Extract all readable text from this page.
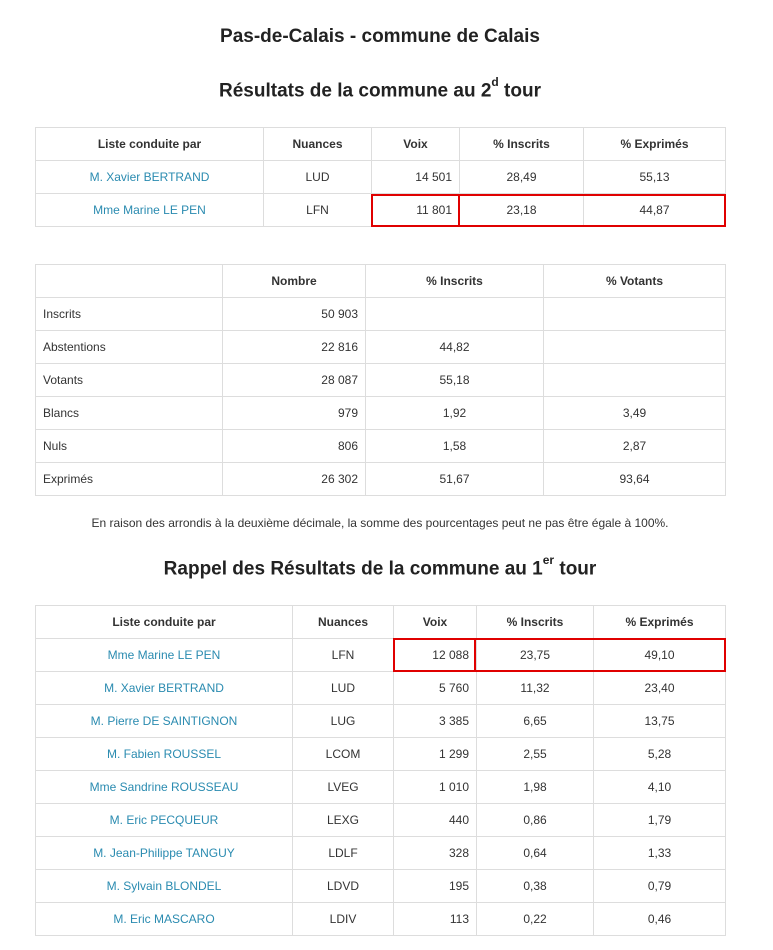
Pas-de-Calais - commune de Calais
Résultats de la commune au 2$^d$ tour
Liste conduite par	Nuances	Voix	% Inscrits	% Exprimés
M. Xavier BERTRAND	LUD	14 501	28,49	55,13
Mme Marine LE PEN	LFN	11 801	23,18	44,87
	Nombre	% Inscrits	% Votants
Inscrits	50 903		
Abstentions	22 816	44,82	
Votants	28 087	55,18	
Blancs	979	1,92	3,49
Nuls	806	1,58	2,87
Exprimés	26 302	51,67	93,64
En raison des arrondis à la deuxième décimale, la somme des pourcentages peut ne pas être égale à 100%.
Rappel des Résultats de la commune au 1er tour
Liste conduite par	Nuances	Voix	% Inscrits	% Exprimés
Mme Marine LE PEN	LFN	12 088	23,75	49,10
M. Xavier BERTRAND	LUD	5 760	11,32	23,40
M. Pierre DE SAINTIGNON	LUG	3 385	6,65	13,75
M. Fabien ROUSSEL	LCOM	1 299	2,55	5,28
Mme Sandrine ROUSSEAU	LVEG	1 010	1,98	4,10
M. Eric PECQUEUR	LEXG	440	0,86	1,79
M. Jean-Philippe TANGUY	LDLF	328	0,64	1,33
M. Sylvain BLONDEL	LDVD	195	0,38	0,79
M. Eric MASCARO	LDIV	113	0,22	0,46
